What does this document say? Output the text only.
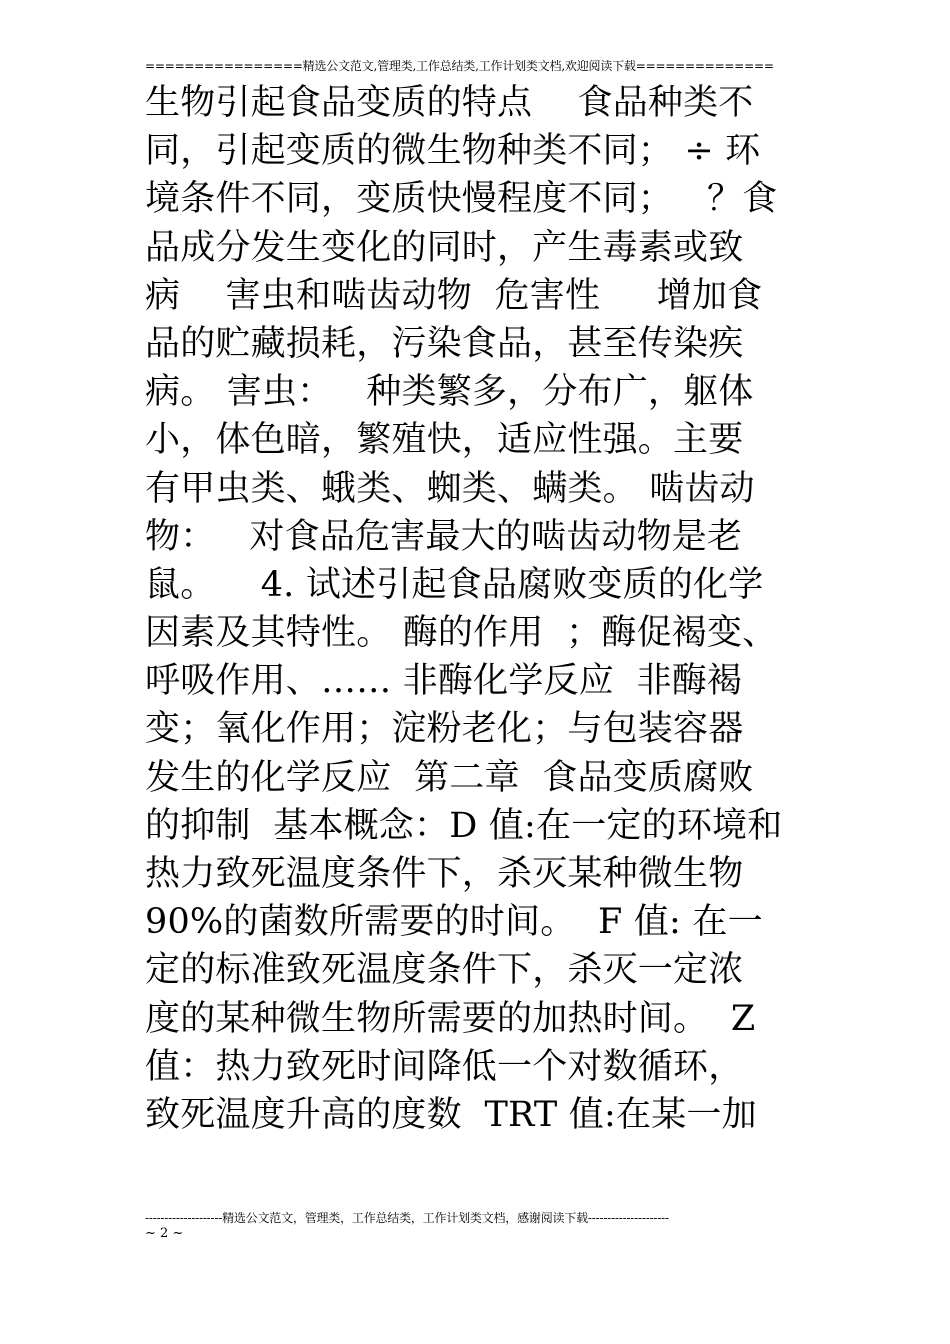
================精选公文范文,管理类,工作总结类,工作计划类文档,欢迎阅读下载==============
生物引起食品变质的特点    食品种类不
同，引起变质的微生物种类不同； ÷ 环
境条件不同，变质快慢程度不同；   ？食
品成分发生变化的同时，产生毒素或致
病    害虫和啮齿动物  危害性     增加食
品的贮藏损耗，污染食品，甚至传染疾
病。 害虫：   种类繁多，分布广，躯体
小，体色暗，繁殖快，适应性强。主要
有甲虫类、蛾类、蜘类、螨类。 啮齿动
物：   对食品危害最大的啮齿动物是老
鼠。    4. 试述引起食品腐败变质的化学
因素及其特性。 酶的作用  ；酶促褐变、
呼吸作用、…… 非酶化学反应  非酶褐
变；氧化作用；淀粉老化；与包装容器
发生的化学反应  第二章  食品变质腐败
的抑制  基本概念：D 值:在一定的环境和
热力致死温度条件下，杀灭某种微生物
90%的菌数所需要的时间。  F 值: 在一
定的标准致死温度条件下，杀灭一定浓
度的某种微生物所需要的加热时间。  Z
值：热力致死时间降低一个对数循环，
致死温度升高的度数  TRT 值:在某一加
--------------------精选公文范文，管理类，工作总结类，工作计划类文档，感谢阅读下载---------------------
~ 2 ~
